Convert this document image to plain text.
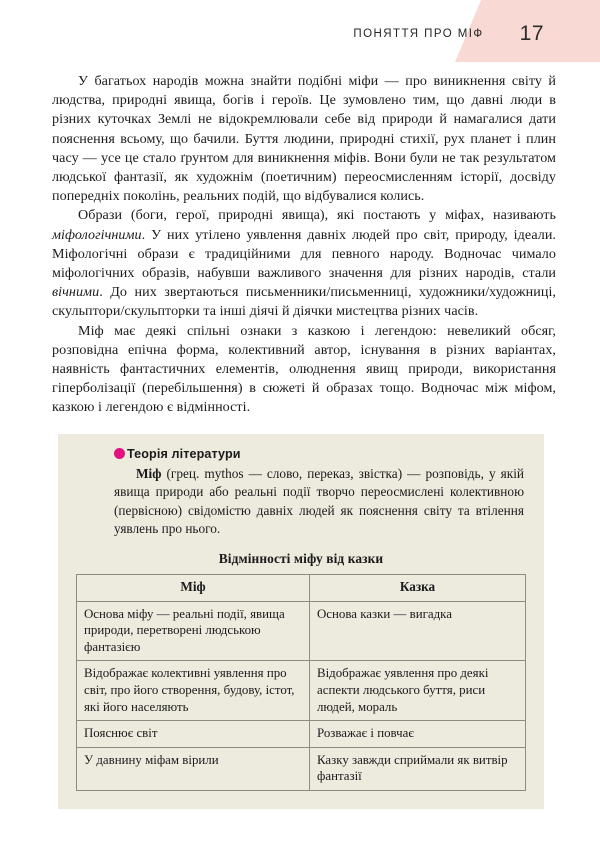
ПОНЯТТЯ ПРО МІФ 17

У багатьох народів можна знайти подібні міфи — про виникнення світу й людства, природні явища, богів і героїв. Це зумовлено тим, що давні люди в різних куточках Землі не відокремлювали себе від природи й намагалися дати пояснення всьому, що бачили. Буття людини, природні стихії, рух планет і плин часу — усе це стало ґрунтом для виникнення міфів. Вони були не так результатом людської фантазії, як художнім (поетичним) переосмисленням історії, досвіду попередніх поколінь, реальних подій, що відбувалися колись.

Образи (боги, герої, природні явища), які постають у міфах, називають міфологічними. У них утілено уявлення давніх людей про світ, природу, ідеали. Міфологічні образи є традиційними для певного народу. Водночас чимало міфологічних образів, набувши важливого значення для різних народів, стали вічними. До них звертаються письменники/письменниці, художники/художниці, скульптори/скульпторки та інші діячі й діячки мистецтва різних часів.

Міф має деякі спільні ознаки з казкою і легендою: невеликий обсяг, розповідна епічна форма, колективний автор, існування в різних варіантах, наявність фантастичних елементів, олюднення явищ природи, використання гіперболізації (перебільшення) в сюжеті й образах тощо. Водночас між міфом, казкою і легендою є відмінності.

Теорія літератури

Міф (грец. mythos — слово, переказ, звістка) — розповідь, у якій явища природи або реальні події творчо переосмислені колективною (первісною) свідомістю давніх людей як пояснення світу та втілення уявлень про нього.

Відмінності міфу від казки
Міф	Казка
Основа міфу — реальні події, явища природи, перетворені людською фантазією	Основа казки — вигадка
Відображає колективні уявлення про світ, про його створення, будову, істот, які його населяють	Відображає уявлення про деякі аспекти людського буття, риси людей, мораль
Пояснює світ	Розважає і повчає
У давнину міфам вірили	Казку завжди сприймали як витвір фантазії
